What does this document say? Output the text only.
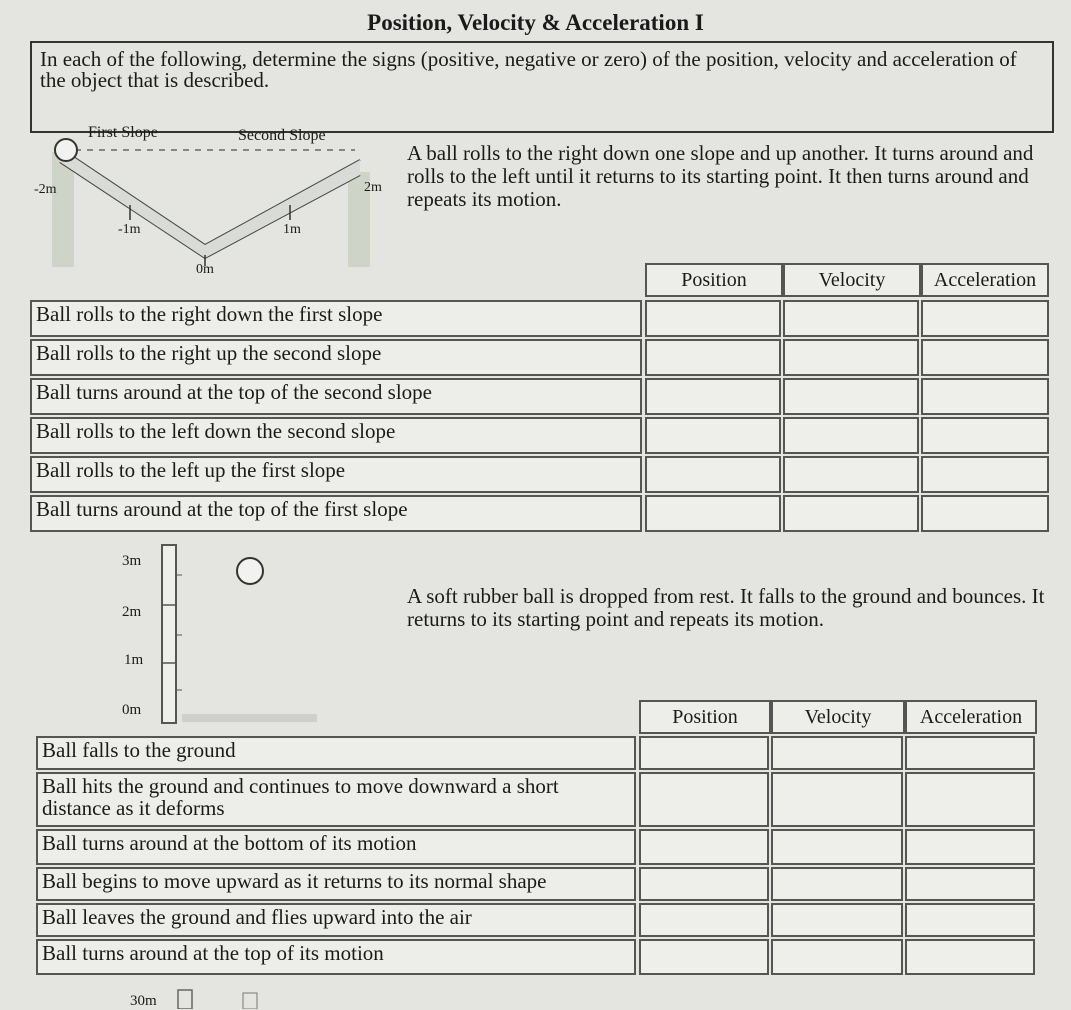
Position, Velocity & Acceleration I
In each of the following, determine the signs (positive, negative or zero) of the position, velocity and acceleration of the object that is described.
First Slope	Second Slope
-2m	2m
-1m	1m
0m
A ball rolls to the right down one slope and up another. It turns around and rolls to the left until it returns to its starting point. It then turns around and repeats its motion.
Position	Velocity	Acceleration
Ball rolls to the right down the first slope
Ball rolls to the right up the second slope
Ball turns around at the top of the second slope
Ball rolls to the left down the second slope
Ball rolls to the left up the first slope
Ball turns around at the top of the first slope
3m
2m
1m
0m
30m
A soft rubber ball is dropped from rest. It falls to the ground and bounces. It returns to its starting point and repeats its motion.
Position	Velocity	Acceleration
Ball falls to the ground
Ball hits the ground and continues to move downward a short distance as it deforms
Ball turns around at the bottom of its motion
Ball begins to move upward as it returns to its normal shape
Ball leaves the ground and flies upward into the air
Ball turns around at the top of its motion
